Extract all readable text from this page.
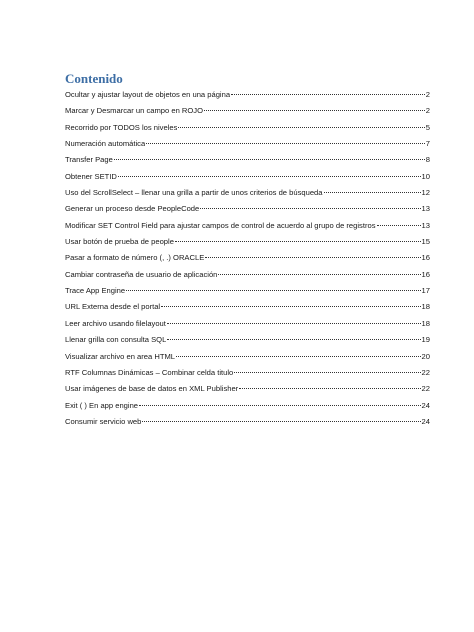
Contenido
Ocultar y ajustar layout de objetos en una página	2
Marcar y Desmarcar un campo en ROJO	2
Recorrido por TODOS los niveles	5
Numeración automática	7
Transfer Page	8
Obtener SETID	10
Uso del ScrollSelect – llenar una grilla a partir de unos criterios de búsqueda	12
Generar un proceso desde PeopleCode	13
Modificar SET Control Field para ajustar campos de control de acuerdo al grupo de registros	13
Usar botón de prueba de people	15
Pasar a formato de número (, .) ORACLE	16
Cambiar contraseña de usuario de aplicación	16
Trace App Engine	17
URL Externa desde el portal	18
Leer archivo usando filelayout	18
Llenar grilla con consulta SQL	19
Visualizar archivo en area HTML	20
RTF Columnas Dinámicas – Combinar celda titulo	22
Usar imágenes de base de datos en XML Publisher	22
Exit ( ) En app engine	24
Consumir servicio web	24
